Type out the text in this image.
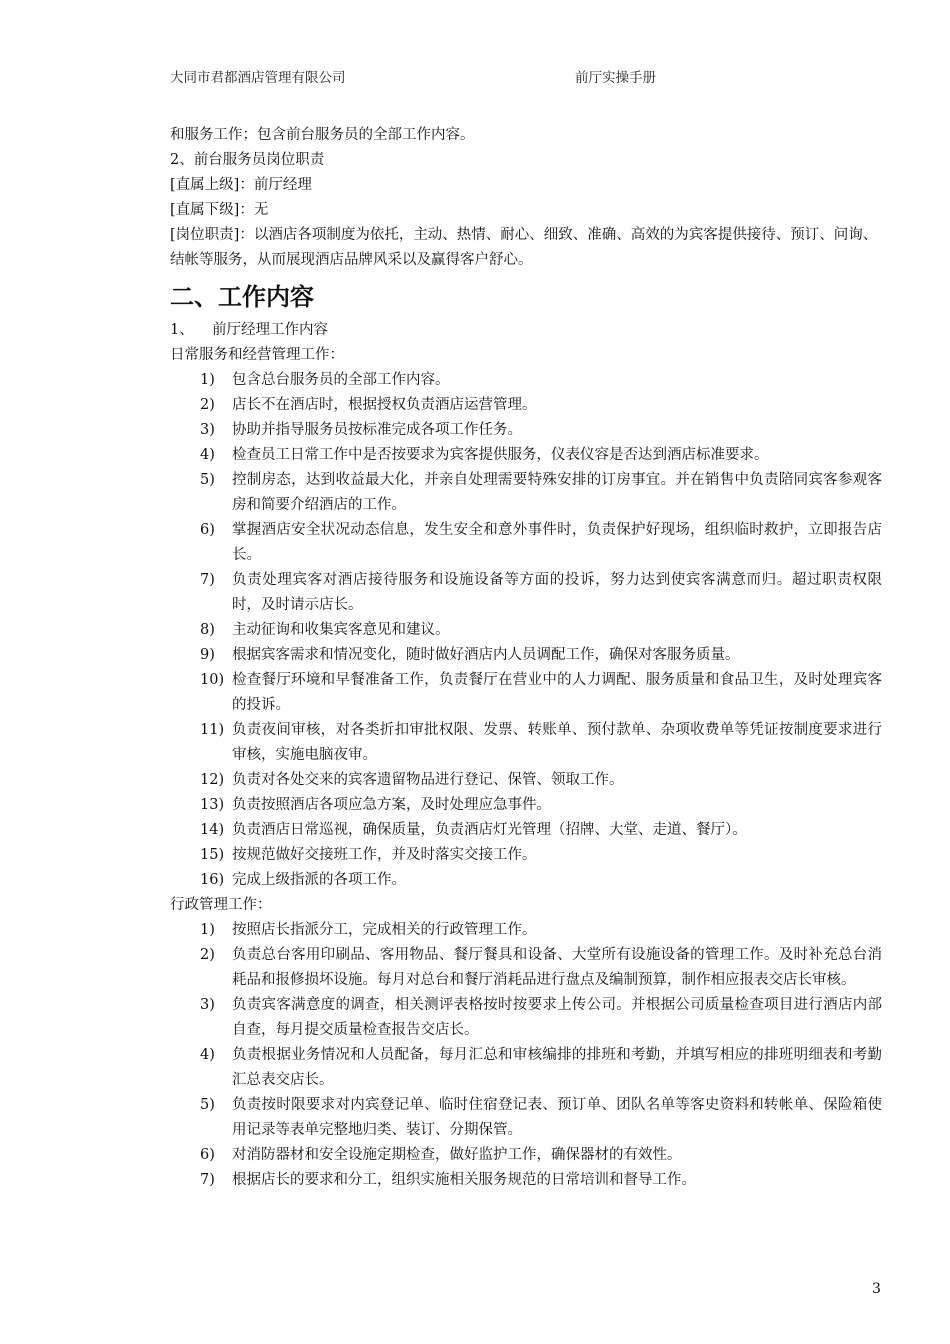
大同市君都酒店管理有限公司	前厅实操手册

和服务工作；包含前台服务员的全部工作内容。

2、前台服务员岗位职责

[直属上级]：前厅经理

[直属下级]：无

[岗位职责]：以酒店各项制度为依托，主动、热情、耐心、细致、准确、高效的为宾客提供接待、预订、问询、结帐等服务，从而展现酒店品牌风采以及赢得客户舒心。

二、工作内容

1、 前厅经理工作内容

日常服务和经营管理工作：

1) 包含总台服务员的全部工作内容。
2) 店长不在酒店时，根据授权负责酒店运营管理。
3) 协助并指导服务员按标准完成各项工作任务。
4) 检查员工日常工作中是否按要求为宾客提供服务，仪表仪容是否达到酒店标准要求。
5) 控制房态，达到收益最大化，并亲自处理需要特殊安排的订房事宜。并在销售中负责陪同宾客参观客房和简要介绍酒店的工作。
6) 掌握酒店安全状况动态信息，发生安全和意外事件时，负责保护好现场，组织临时救护，立即报告店长。
7) 负责处理宾客对酒店接待服务和设施设备等方面的投诉，努力达到使宾客满意而归。超过职责权限时，及时请示店长。
8) 主动征询和收集宾客意见和建议。
9) 根据宾客需求和情况变化，随时做好酒店内人员调配工作，确保对客服务质量。
10) 检查餐厅环境和早餐准备工作，负责餐厅在营业中的人力调配、服务质量和食品卫生，及时处理宾客的投诉。
11) 负责夜间审核，对各类折扣审批权限、发票、转账单、预付款单、杂项收费单等凭证按制度要求进行审核，实施电脑夜审。
12) 负责对各处交来的宾客遗留物品进行登记、保管、领取工作。
13) 负责按照酒店各项应急方案，及时处理应急事件。
14) 负责酒店日常巡视，确保质量，负责酒店灯光管理（招牌、大堂、走道、餐厅）。
15) 按规范做好交接班工作，并及时落实交接工作。
16) 完成上级指派的各项工作。

行政管理工作：

1) 按照店长指派分工，完成相关的行政管理工作。
2) 负责总台客用印刷品、客用物品、餐厅餐具和设备、大堂所有设施设备的管理工作。及时补充总台消耗品和报修损坏设施。每月对总台和餐厅消耗品进行盘点及编制预算，制作相应报表交店长审核。
3) 负责宾客满意度的调查，相关测评表格按时按要求上传公司。并根据公司质量检查项目进行酒店内部自查，每月提交质量检查报告交店长。
4) 负责根据业务情况和人员配备，每月汇总和审核编排的排班和考勤，并填写相应的排班明细表和考勤汇总表交店长。
5) 负责按时限要求对内宾登记单、临时住宿登记表、预订单、团队名单等客史资料和转帐单、保险箱使用记录等表单完整地归类、装订、分期保管。
6) 对消防器材和安全设施定期检查，做好监护工作，确保器材的有效性。
7) 根据店长的要求和分工，组织实施相关服务规范的日常培训和督导工作。
3
